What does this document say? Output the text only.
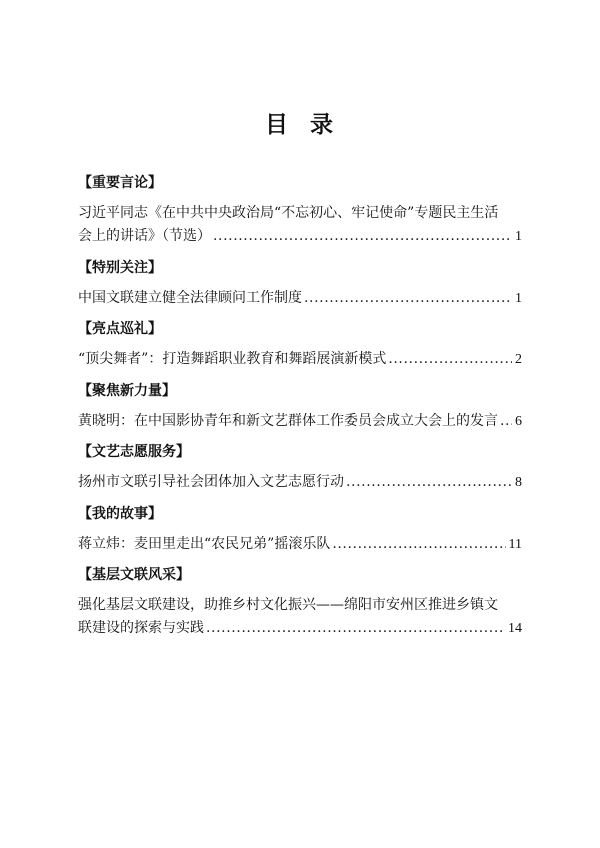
目 录
【重要言论】
习近平同志《在中共中央政治局“不忘初心、牢记使命”专题民主生活会上的讲话》（节选）	1
【特别关注】
中国文联建立健全法律顾问工作制度	1
【亮点巡礼】
“顶尖舞者”：打造舞蹈职业教育和舞蹈展演新模式	2
【聚焦新力量】
黄晓明：在中国影协青年和新文艺群体工作委员会成立大会上的发言 6
【文艺志愿服务】
扬州市文联引导社会团体加入文艺志愿行动	8
【我的故事】
蒋立炜：麦田里走出“农民兄弟”摇滚乐队	11
【基层文联风采】
强化基层文联建设，助推乡村文化振兴——绵阳市安州区推进乡镇文联建设的探索与实践	14
